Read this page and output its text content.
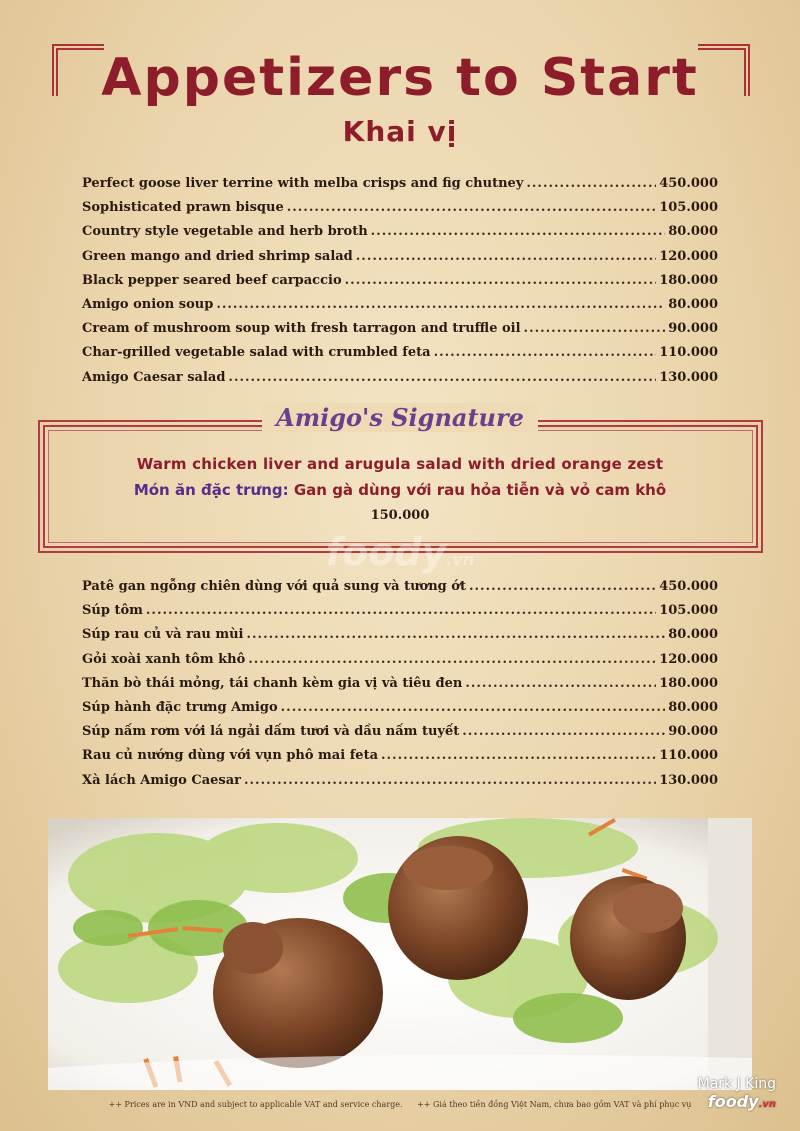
Appetizers to Start
Khai vị
Perfect goose liver terrine with melba crisps and fig chutney .....	450.000
Sophisticated prawn bisque .....	105.000
Country style vegetable and herb broth .....	80.000
Green mango and dried shrimp salad .....	120.000
Black pepper seared beef carpaccio .....	180.000
Amigo onion soup .....	80.000
Cream of mushroom soup with fresh tarragon and truffle oil .....	90.000
Char-grilled vegetable salad with crumbled feta .....	110.000
Amigo Caesar salad .....	130.000
Amigo's Signature
Warm chicken liver and arugula salad with dried orange zest
Món ăn đặc trưng: Gan gà dùng với rau hỏa tiễn và vỏ cam khô
150.000
foody.vn
Patê gan ngỗng chiên dùng với quả sung và tương ớt .....	450.000
Súp tôm .....	105.000
Súp rau củ và rau mùi .....	80.000
Gỏi xoài xanh tôm khô .....	120.000
Thăn bò thái mỏng, tái chanh kèm gia vị và tiêu đen .....	180.000
Súp hành đặc trưng Amigo .....	80.000
Súp nấm rơm với lá ngải dấm tươi và dầu nấm tuyết .....	90.000
Rau củ nướng dùng với vụn phô mai feta .....	110.000
Xà lách Amigo Caesar .....	130.000
++ Prices are in VND and subject to applicable VAT and service charge. ++ Giá theo tiền đồng Việt Nam, chưa bao gồm VAT và phí phục vụ
Mark J King
foody.vn
